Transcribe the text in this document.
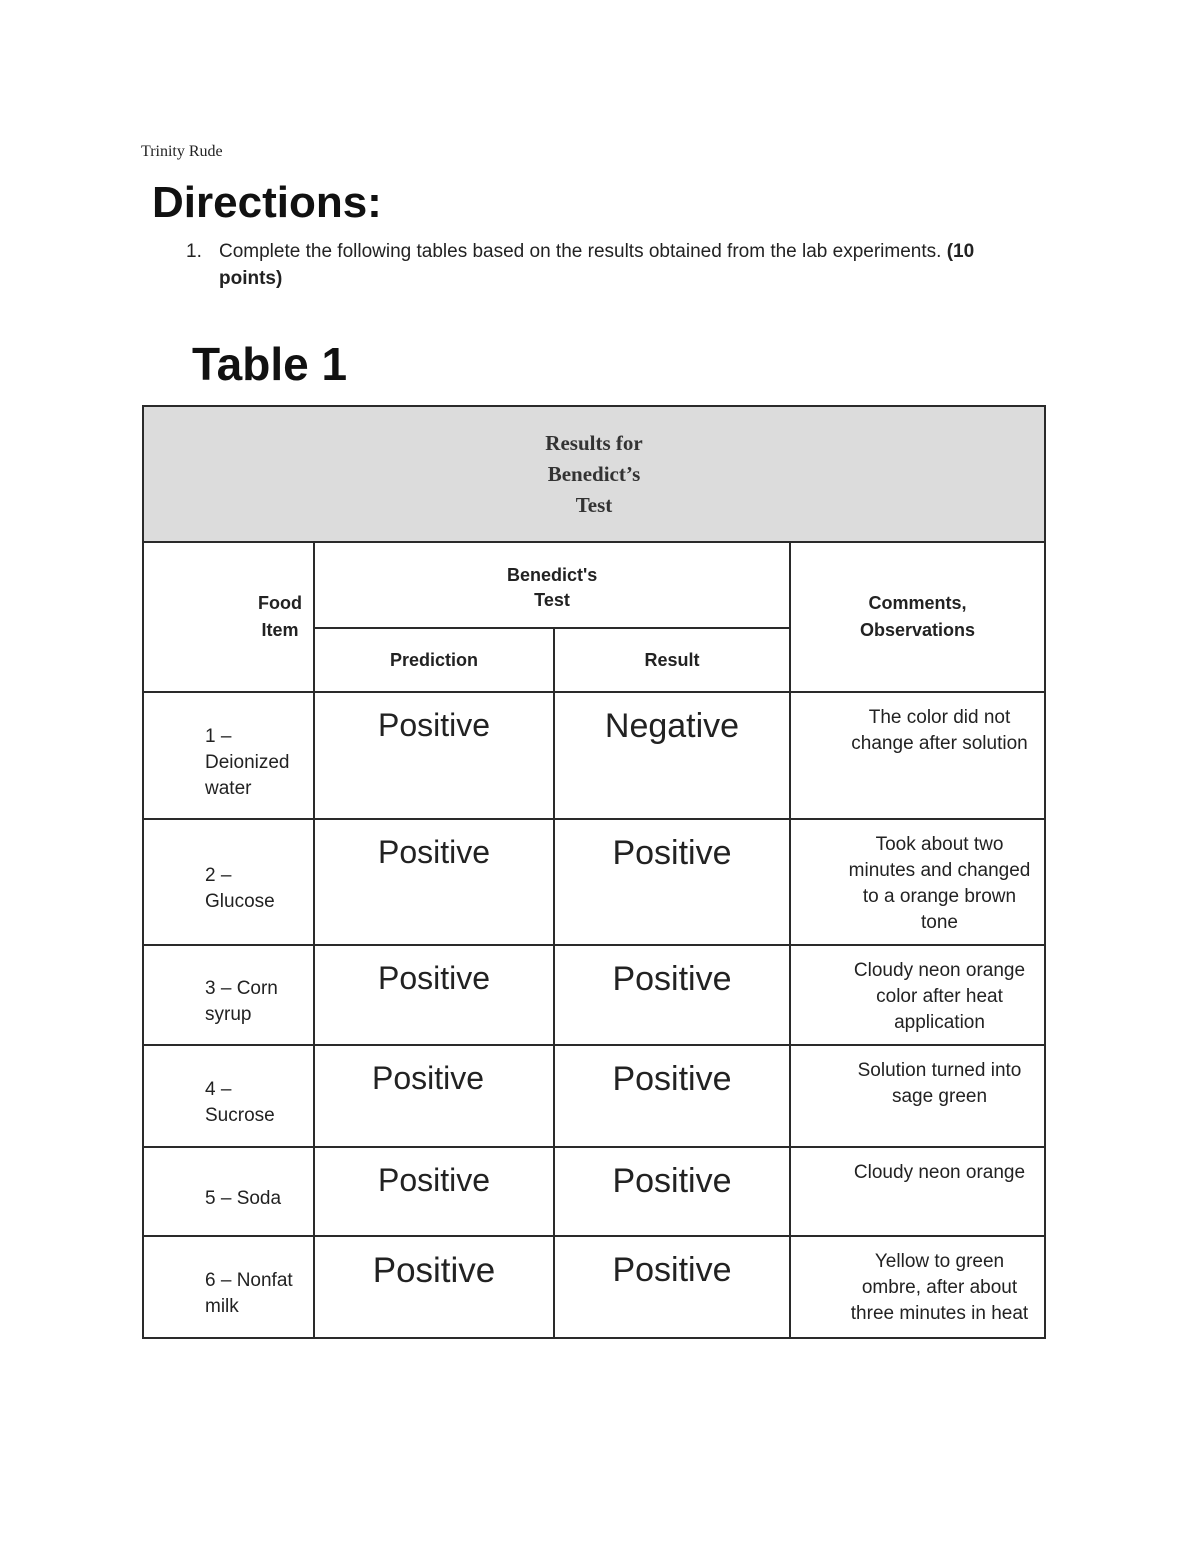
Trinity Rude
Directions:
1. Complete the following tables based on the results obtained from the lab experiments. (10 points)
Table 1
Results for Benedict’s Test			

Food Item	Benedict's Test		Comments, Observations

	Prediction	Result	

1 – Deionized water	Positive	Negative	The color did not change after solution

2 – Glucose	Positive	Positive	Took about two minutes and changed to a orange brown tone

3 – Corn syrup	Positive	Positive	Cloudy neon orange color after heat application

4 – Sucrose	Positive	Positive	Solution turned into sage green

5 – Soda	Positive	Positive	Cloudy neon orange

6 – Nonfat milk	Positive	Positive	Yellow to green ombre, after about three minutes in heat
